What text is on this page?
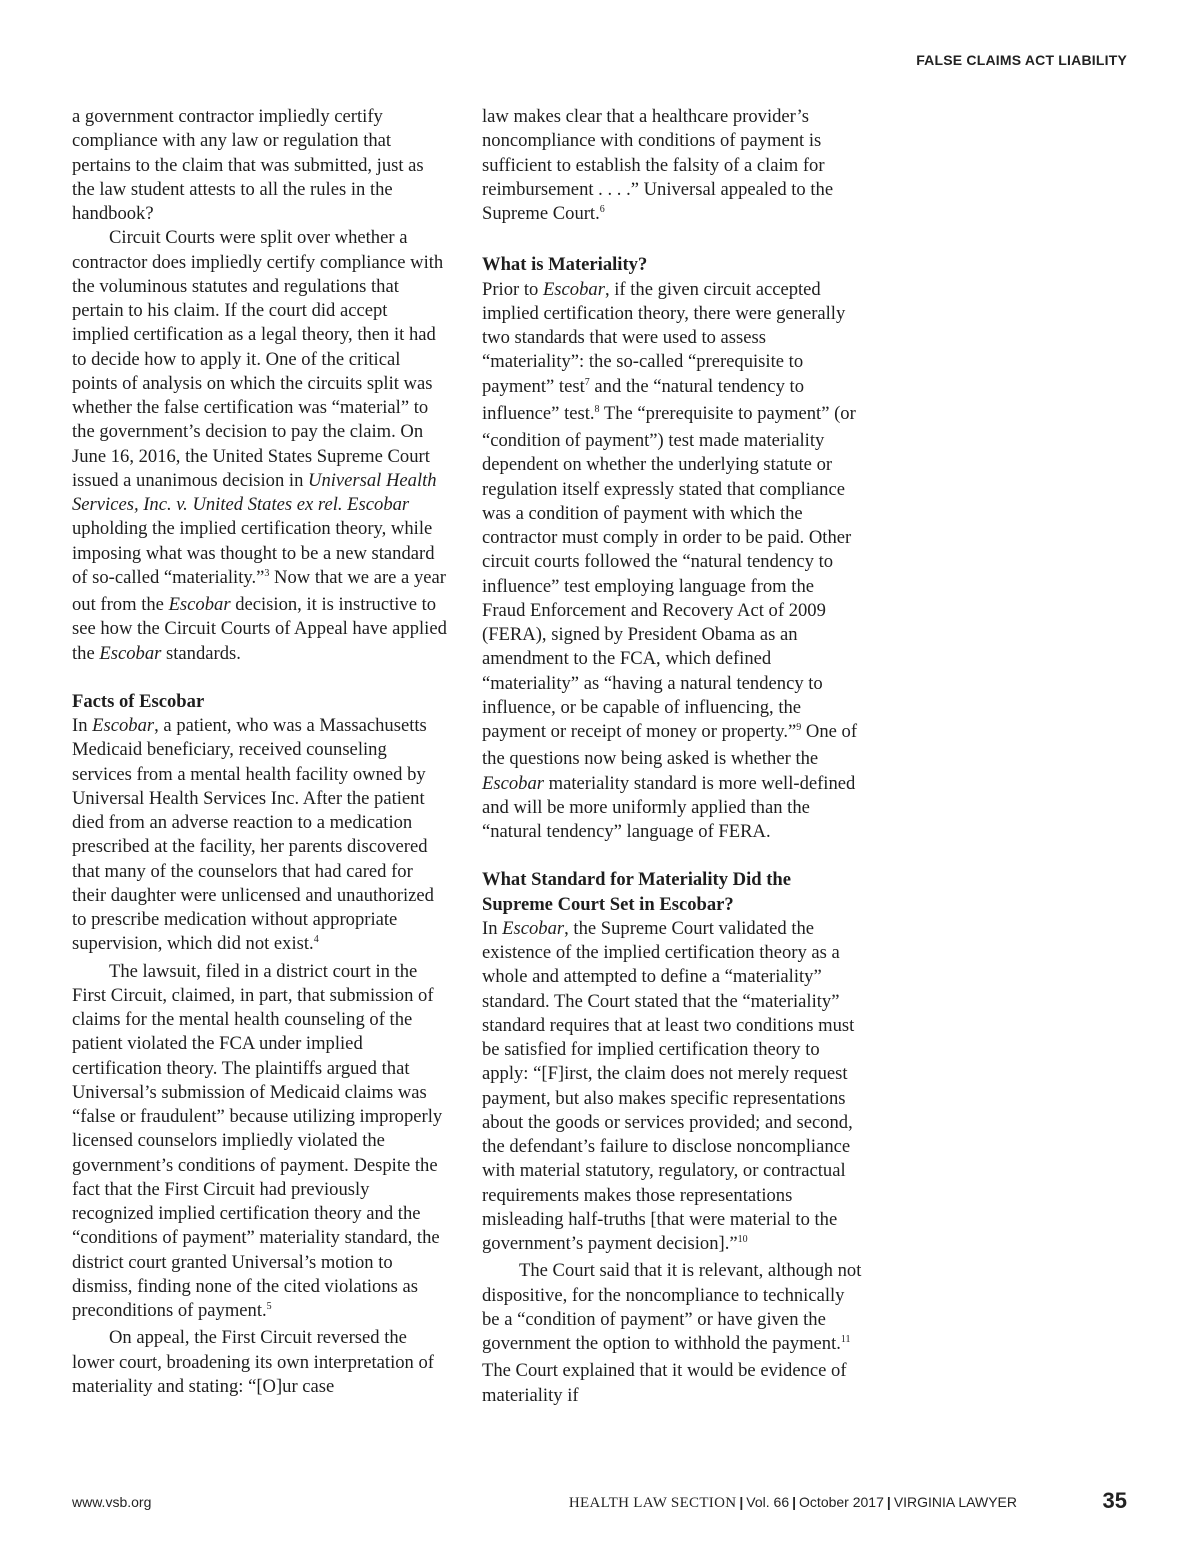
FALSE CLAIMS ACT LIABILITY

a government contractor impliedly certify compliance with any law or regulation that pertains to the claim that was submitted, just as the law student attests to all the rules in the handbook?

Circuit Courts were split over whether a contractor does impliedly certify compliance with the voluminous statutes and regulations that pertain to his claim. If the court did accept implied certification as a legal theory, then it had to decide how to apply it. One of the critical points of analysis on which the circuits split was whether the false certification was “material” to the government’s decision to pay the claim. On June 16, 2016, the United States Supreme Court issued a unanimous decision in Universal Health Services, Inc. v. United States ex rel. Escobar upholding the implied certification theory, while imposing what was thought to be a new standard of so-called “materiality.”$^3$ Now that we are a year out from the Escobar decision, it is instructive to see how the Circuit Courts of Appeal have applied the Escobar standards.

Facts of Escobar

In Escobar, a patient, who was a Massachusetts Medicaid beneficiary, received counseling services from a mental health facility owned by Universal Health Services Inc. After the patient died from an adverse reaction to a medication prescribed at the facility, her parents discovered that many of the counselors that had cared for their daughter were unlicensed and unauthorized to prescribe medication without appropriate supervision, which did not exist.$^4$

The lawsuit, filed in a district court in the First Circuit, claimed, in part, that submission of claims for the mental health counseling of the patient violated the FCA under implied certification theory. The plaintiffs argued that Universal’s submission of Medicaid claims was “false or fraudulent” because utilizing improperly licensed counselors impliedly violated the government’s conditions of payment. Despite the fact that the First Circuit had previously recognized implied certification theory and the “conditions of payment” materiality standard, the district court granted Universal’s motion to dismiss, finding none of the cited violations as preconditions of payment.$^5$

On appeal, the First Circuit reversed the lower court, broadening its own interpretation of materiality and stating: “[O]ur case

law makes clear that a healthcare provider’s noncompliance with conditions of payment is sufficient to establish the falsity of a claim for reimbursement . . . .” Universal appealed to the Supreme Court.$^6$

What is Materiality?

Prior to Escobar, if the given circuit accepted implied certification theory, there were generally two standards that were used to assess “materiality”: the so-called “prerequisite to payment” test$^7$ and the “natural tendency to influence” test.$^8$ The “prerequisite to payment” (or “condition of payment”) test made materiality dependent on whether the underlying statute or regulation itself expressly stated that compliance was a condition of payment with which the contractor must comply in order to be paid. Other circuit courts followed the “natural tendency to influence” test employing language from the Fraud Enforcement and Recovery Act of 2009 (FERA), signed by President Obama as an amendment to the FCA, which defined “materiality” as “having a natural tendency to influence, or be capable of influencing, the payment or receipt of money or property.”$^9$ One of the questions now being asked is whether the Escobar materiality standard is more well-defined and will be more uniformly applied than the “natural tendency” language of FERA.

What Standard for Materiality Did the Supreme Court Set in Escobar?

In Escobar, the Supreme Court validated the existence of the implied certification theory as a whole and attempted to define a “materiality” standard. The Court stated that the “materiality” standard requires that at least two conditions must be satisfied for implied certification theory to apply: “[F]irst, the claim does not merely request payment, but also makes specific representations about the goods or services provided; and second, the defendant’s failure to disclose noncompliance with material statutory, regulatory, or contractual requirements makes those representations misleading half-truths [that were material to the government’s payment decision].”$^{10}$

The Court said that it is relevant, although not dispositive, for the noncompliance to technically be a “condition of payment” or have given the government the option to withhold the payment.$^{11}$ The Court explained that it would be evidence of materiality if

www.vsb.org	HEALTH LAW SECTION | Vol. 66 | October 2017 | VIRGINIA LAWYER	35
